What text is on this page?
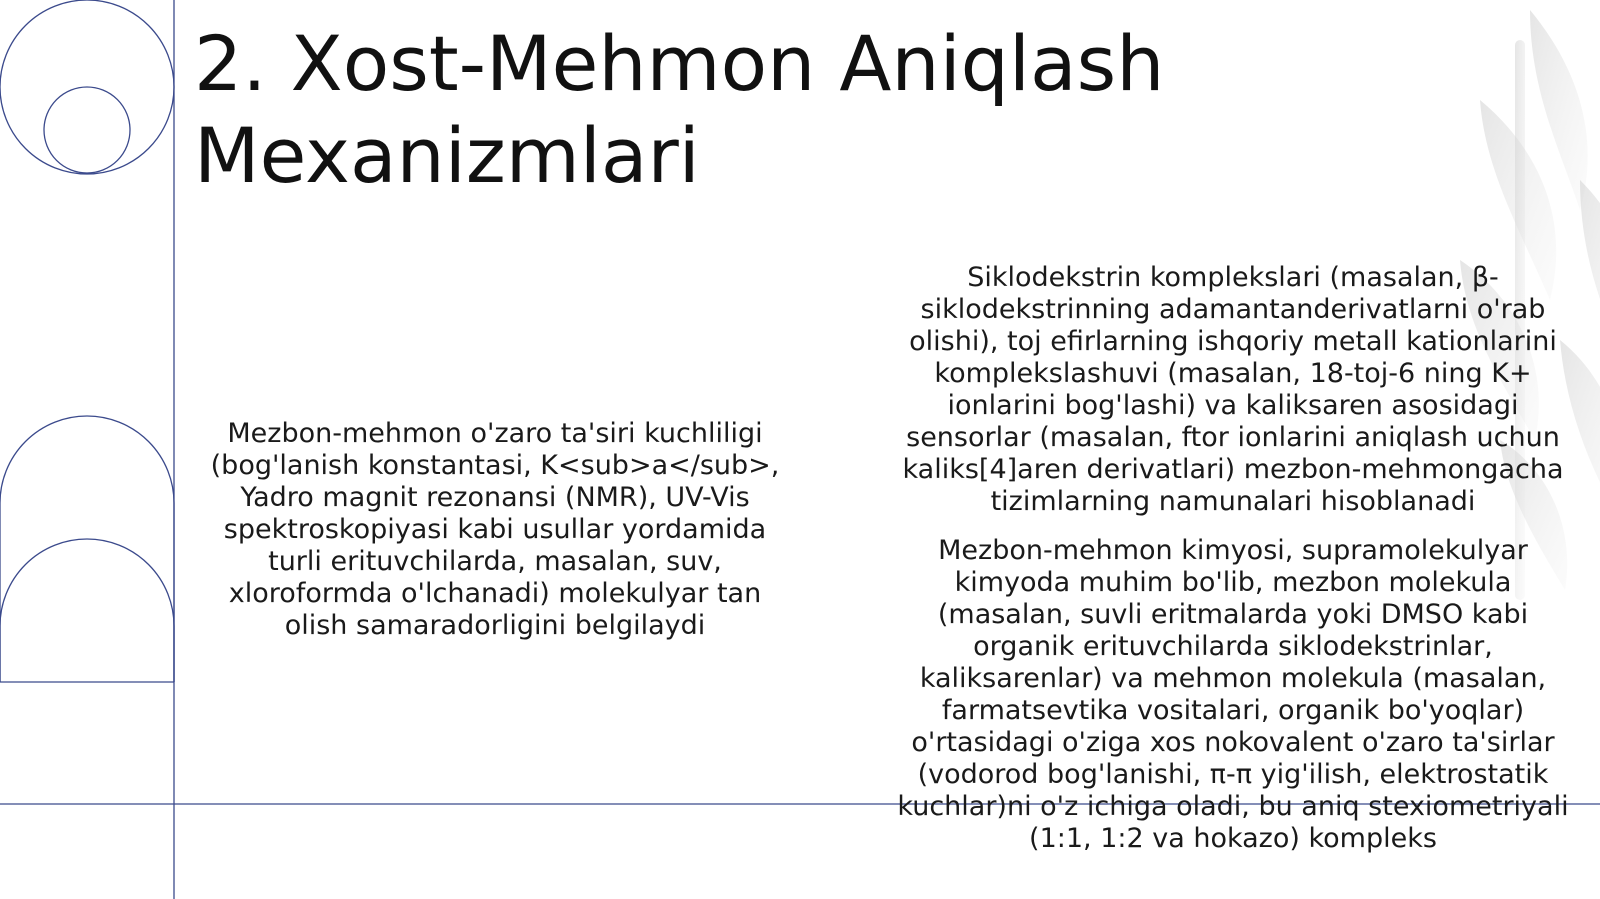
2. Xost-Mehmon Aniqlash Mexanizmlari

Mezbon-mehmon o'zaro ta'siri kuchliligi (bog'lanish konstantasi, K<sub>a</sub>, Yadro magnit rezonansi (NMR), UV-Vis spektroskopiyasi kabi usullar yordamida turli erituvchilarda, masalan, suv, xloroformda o'lchanadi) molekulyar tan olish samaradorligini belgilaydi

Siklodekstrin komplekslari (masalan, β-siklodekstrinning adamantanderivatlarni o'rab olishi), toj efirlarning ishqoriy metall kationlarini komplekslashuvi (masalan, 18-toj-6 ning K+ ionlarini bog'lashi) va kaliksaren asosidagi sensorlar (masalan, ftor ionlarini aniqlash uchun kaliks[4]aren derivatlari) mezbon-mehmongacha tizimlarning namunalari hisoblanadi

Mezbon-mehmon kimyosi, supramolekulyar kimyoda muhim bo'lib, mezbon molekula (masalan, suvli eritmalarda yoki DMSO kabi organik erituvchilarda siklodekstrinlar, kaliksarenlar) va mehmon molekula (masalan, farmatsevtika vositalari, organik bo'yoqlar) o'rtasidagi o'ziga xos nokovalent o'zaro ta'sirlar (vodorod bog'lanishi, π-π yig'ilish, elektrostatik kuchlar)ni o'z ichiga oladi, bu aniq stexiometriyali (1:1, 1:2 va hokazo) kompleks
